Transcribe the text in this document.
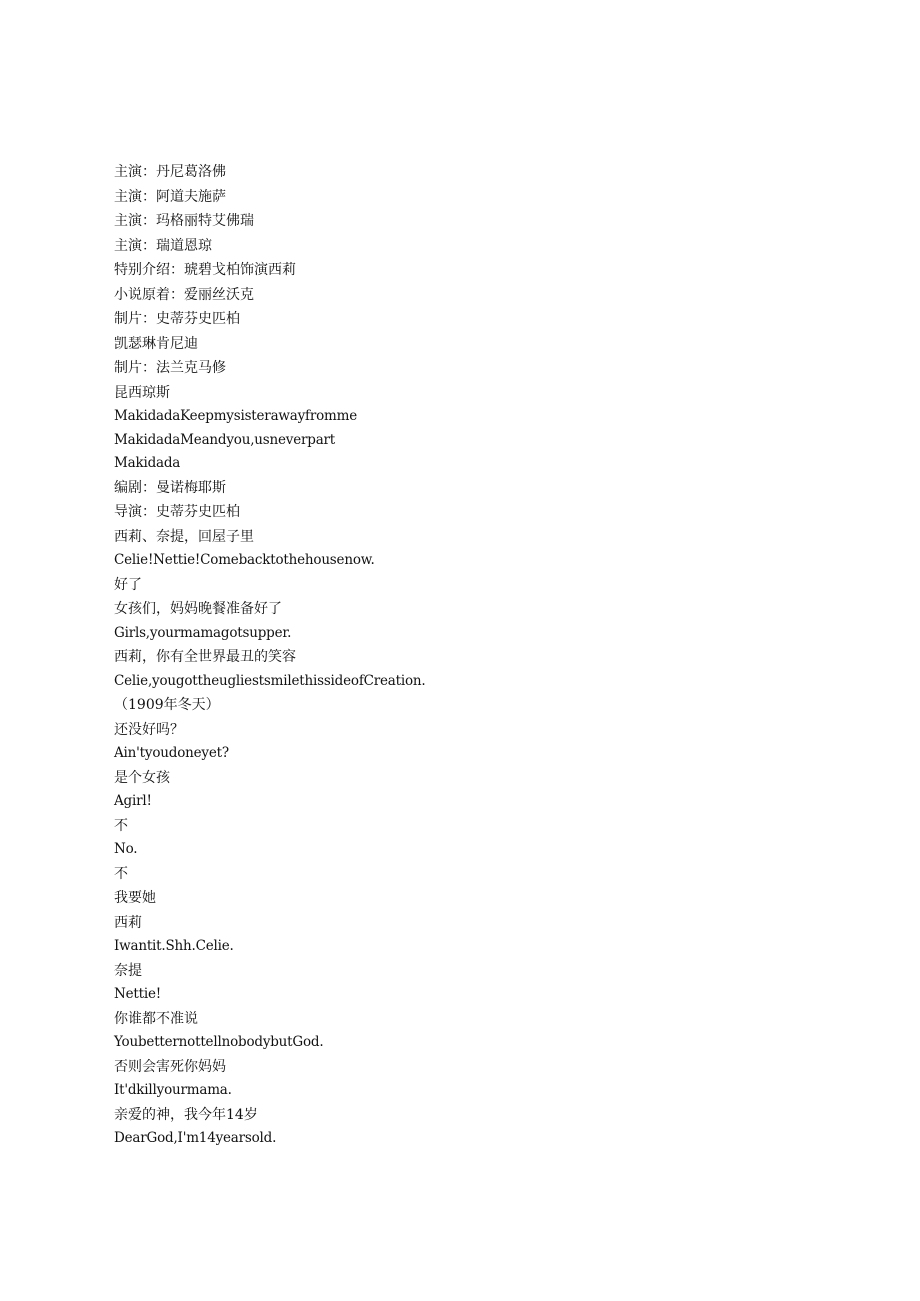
主演：丹尼葛洛佛
主演：阿道夫施萨
主演：玛格丽特艾佛瑞
主演：瑞道恩琼
特别介绍：琥碧戈柏饰演西莉
小说原着：爱丽丝沃克
制片：史蒂芬史匹柏
凯瑟琳肯尼迪
制片：法兰克马修
昆西琼斯
MakidadaKeepmysisterawayfromme
MakidadaMeandyou,usneverpart
Makidada
编剧：曼诺梅耶斯
导演：史蒂芬史匹柏
西莉、奈提，回屋子里
Celie!Nettie!Comebacktothehousenow.
好了
女孩们，妈妈晚餐准备好了
Girls,yourmamagotsupper.
西莉，你有全世界最丑的笑容
Celie,yougottheugliestsmilethissideofCreation.
（1909年冬天）
还没好吗？
Ain'tyoudoneyet?
是个女孩
Agirl!
不
No.
不
我要她
西莉
Iwantit.Shh.Celie.
奈提
Nettie!
你谁都不准说
YoubetternottellnobodybutGod.
否则会害死你妈妈
It'dkillyourmama.
亲爱的神，我今年14岁
DearGod,I'm14yearsold.
